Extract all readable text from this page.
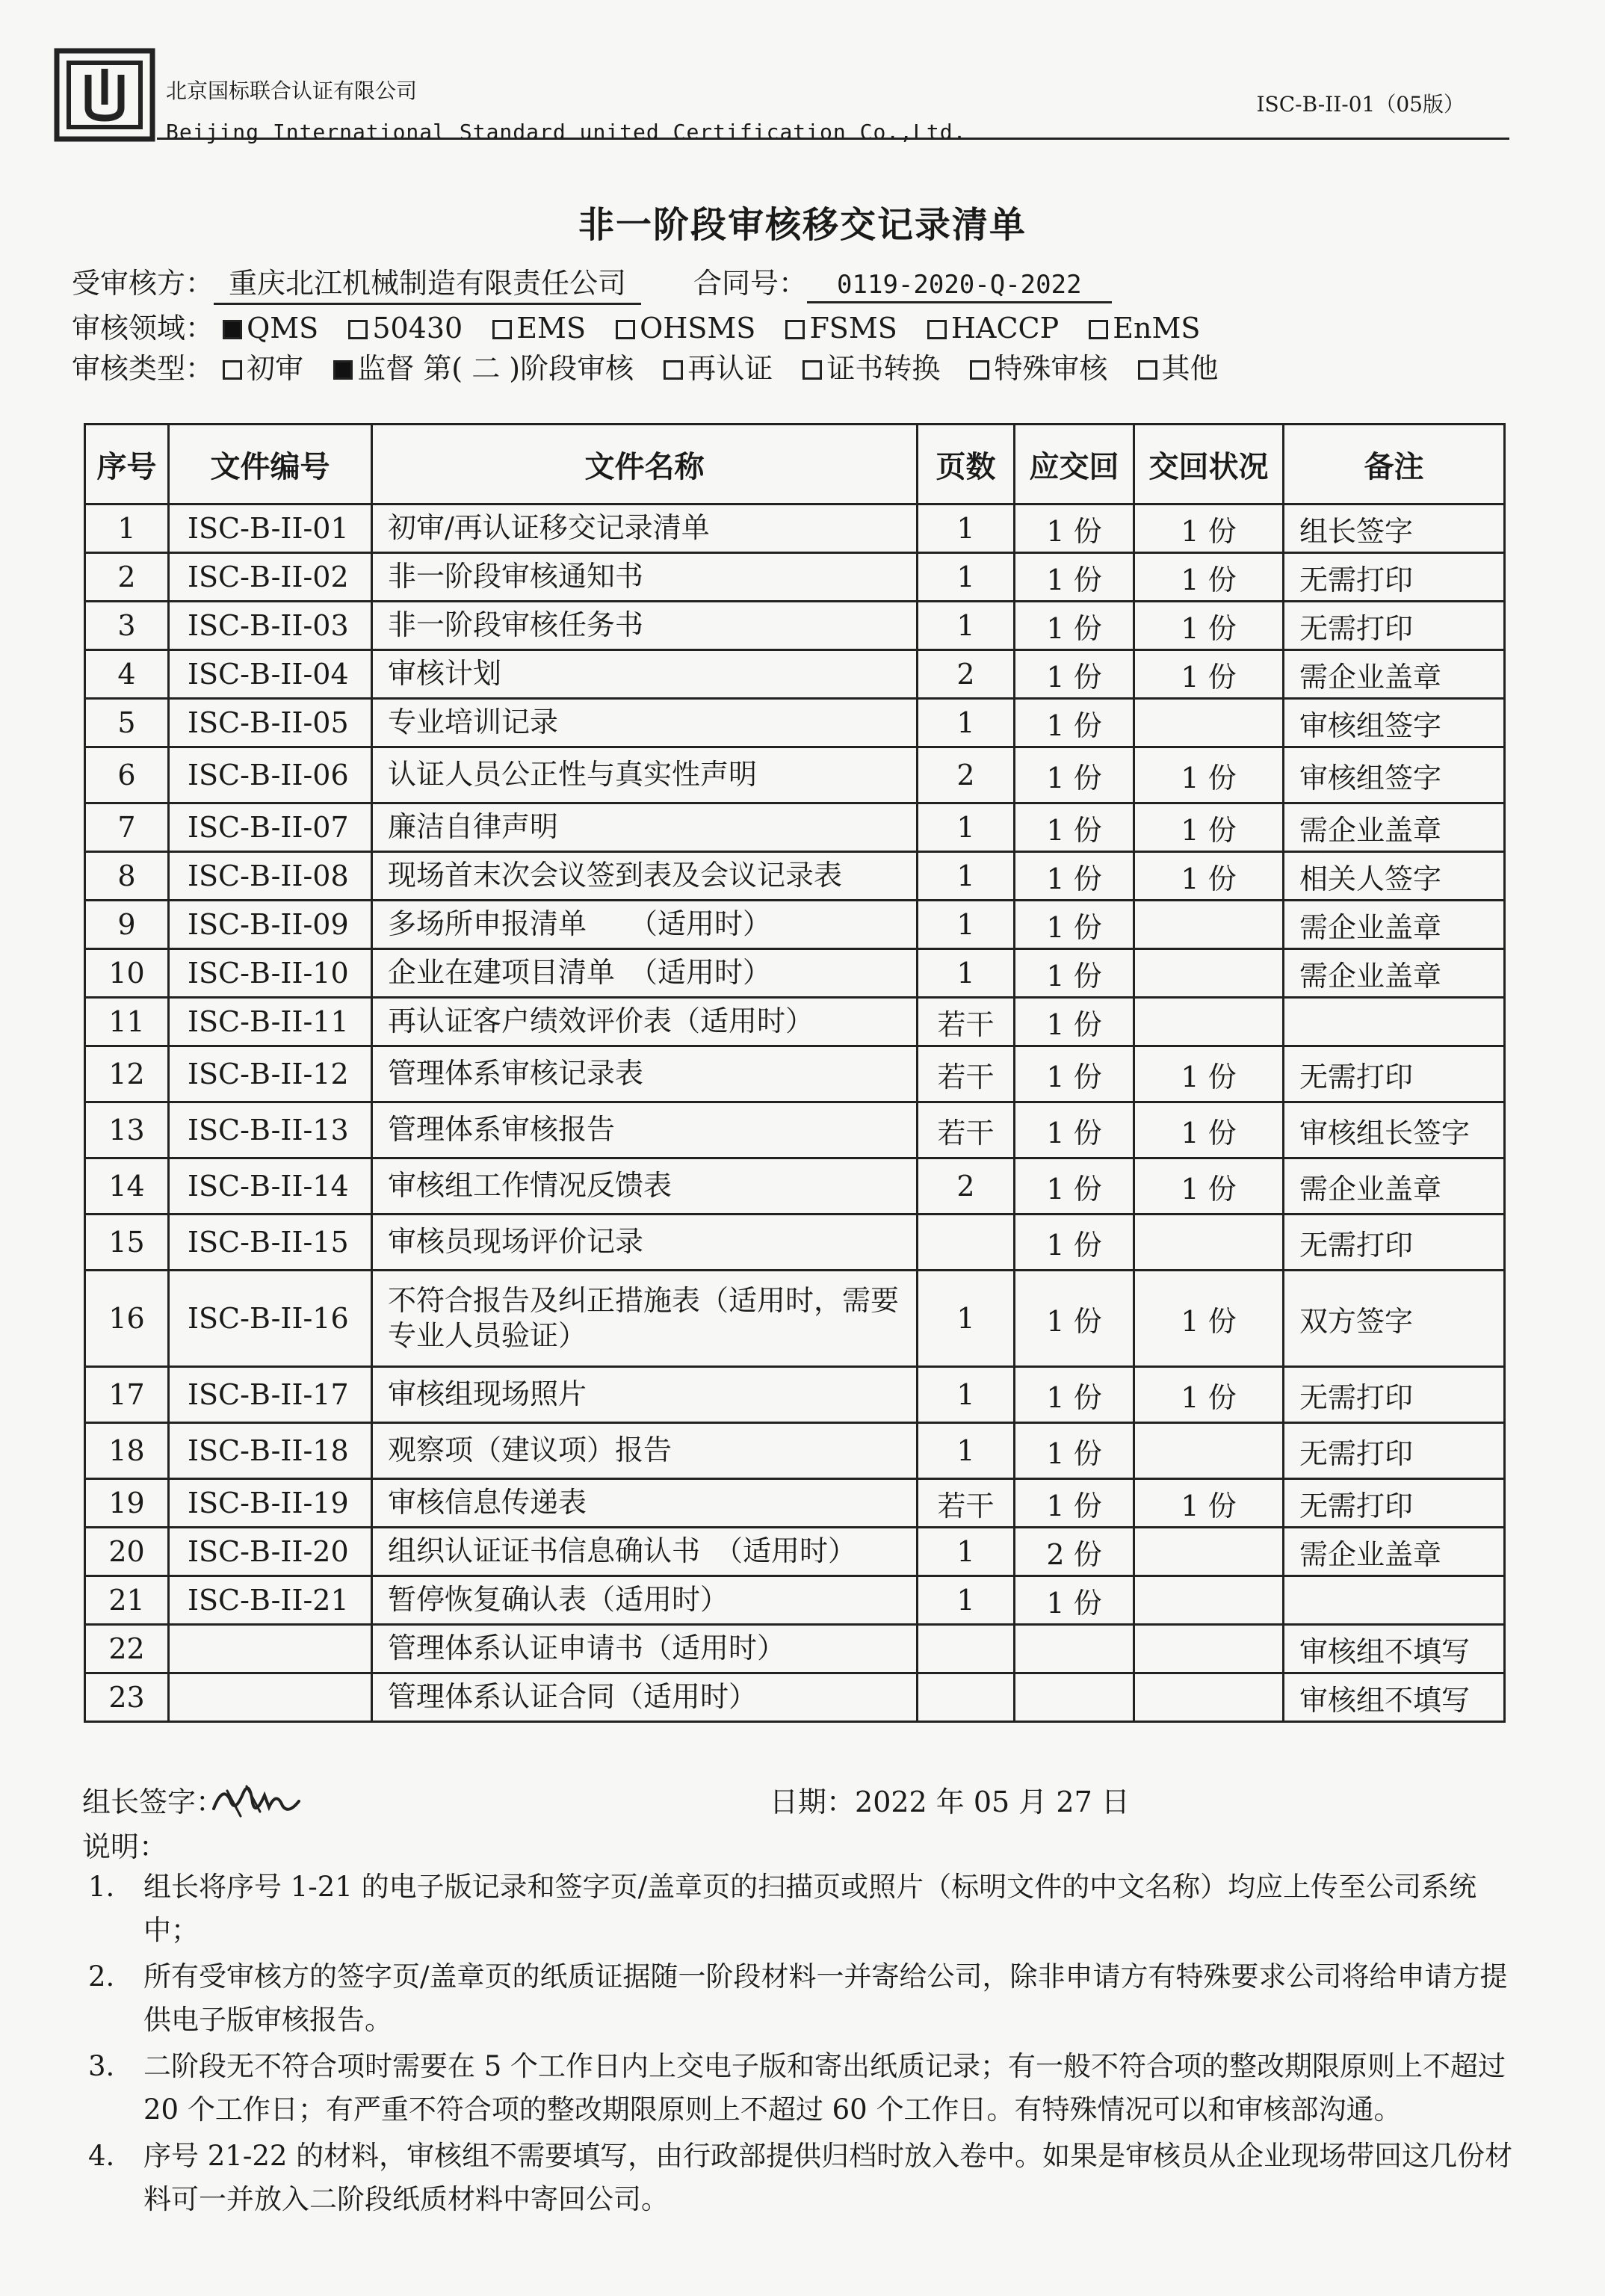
北京国标联合认证有限公司
Beijing International Standard united Certification Co.,Ltd.
ISC-B-II-01（05版）
非一阶段审核移交记录清单
受审核方： 重庆北江机械制造有限责任公司 合同号： 0119-2020-Q-2022
审核领域： QMS 50430 EMS OHSMS FSMS HACCP EnMS
审核类型： 初审 监督 第( 二 )阶段审核 再认证 证书转换 特殊审核 其他
序号	文件编号	文件名称	页数	应交回	交回状况	备注
1	ISC-B-II-01	初审/再认证移交记录清单	1	1 份	1 份	组长签字
2	ISC-B-II-02	非一阶段审核通知书	1	1 份	1 份	无需打印
3	ISC-B-II-03	非一阶段审核任务书	1	1 份	1 份	无需打印
4	ISC-B-II-04	审核计划	2	1 份	1 份	需企业盖章
5	ISC-B-II-05	专业培训记录	1	1 份		审核组签字
6	ISC-B-II-06	认证人员公正性与真实性声明	2	1 份	1 份	审核组签字
7	ISC-B-II-07	廉洁自律声明	1	1 份	1 份	需企业盖章
8	ISC-B-II-08	现场首末次会议签到表及会议记录表	1	1 份	1 份	相关人签字
9	ISC-B-II-09	多场所申报清单　　（适用时）	1	1 份		需企业盖章
10	ISC-B-II-10	企业在建项目清单　（适用时）	1	1 份		需企业盖章
11	ISC-B-II-11	再认证客户绩效评价表（适用时）	若干	1 份		
12	ISC-B-II-12	管理体系审核记录表	若干	1 份	1 份	无需打印
13	ISC-B-II-13	管理体系审核报告	若干	1 份	1 份	审核组长签字
14	ISC-B-II-14	审核组工作情况反馈表	2	1 份	1 份	需企业盖章
15	ISC-B-II-15	审核员现场评价记录		1 份		无需打印
16	ISC-B-II-16	不符合报告及纠正措施表（适用时，需要专业人员验证）	1	1 份	1 份	双方签字
17	ISC-B-II-17	审核组现场照片	1	1 份	1 份	无需打印
18	ISC-B-II-18	观察项（建议项）报告	1	1 份		无需打印
19	ISC-B-II-19	审核信息传递表	若干	1 份	1 份	无需打印
20	ISC-B-II-20	组织认证证书信息确认书　（适用时）	1	2 份		需企业盖章
21	ISC-B-II-21	暂停恢复确认表（适用时）	1	1 份		
22		管理体系认证申请书（适用时）				审核组不填写
23		管理体系认证合同（适用时）				审核组不填写
组长签字：	日期：2022 年 05 月 27 日
说明：
1. 组长将序号 1-21 的电子版记录和签字页/盖章页的扫描页或照片（标明文件的中文名称）均应上传至公司系统中；
2. 所有受审核方的签字页/盖章页的纸质证据随一阶段材料一并寄给公司，除非申请方有特殊要求公司将给申请方提供电子版审核报告。
3. 二阶段无不符合项时需要在 5 个工作日内上交电子版和寄出纸质记录；有一般不符合项的整改期限原则上不超过 20 个工作日；有严重不符合项的整改期限原则上不超过 60 个工作日。有特殊情况可以和审核部沟通。
4. 序号 21-22 的材料，审核组不需要填写，由行政部提供归档时放入卷中。如果是审核员从企业现场带回这几份材料可一并放入二阶段纸质材料中寄回公司。
